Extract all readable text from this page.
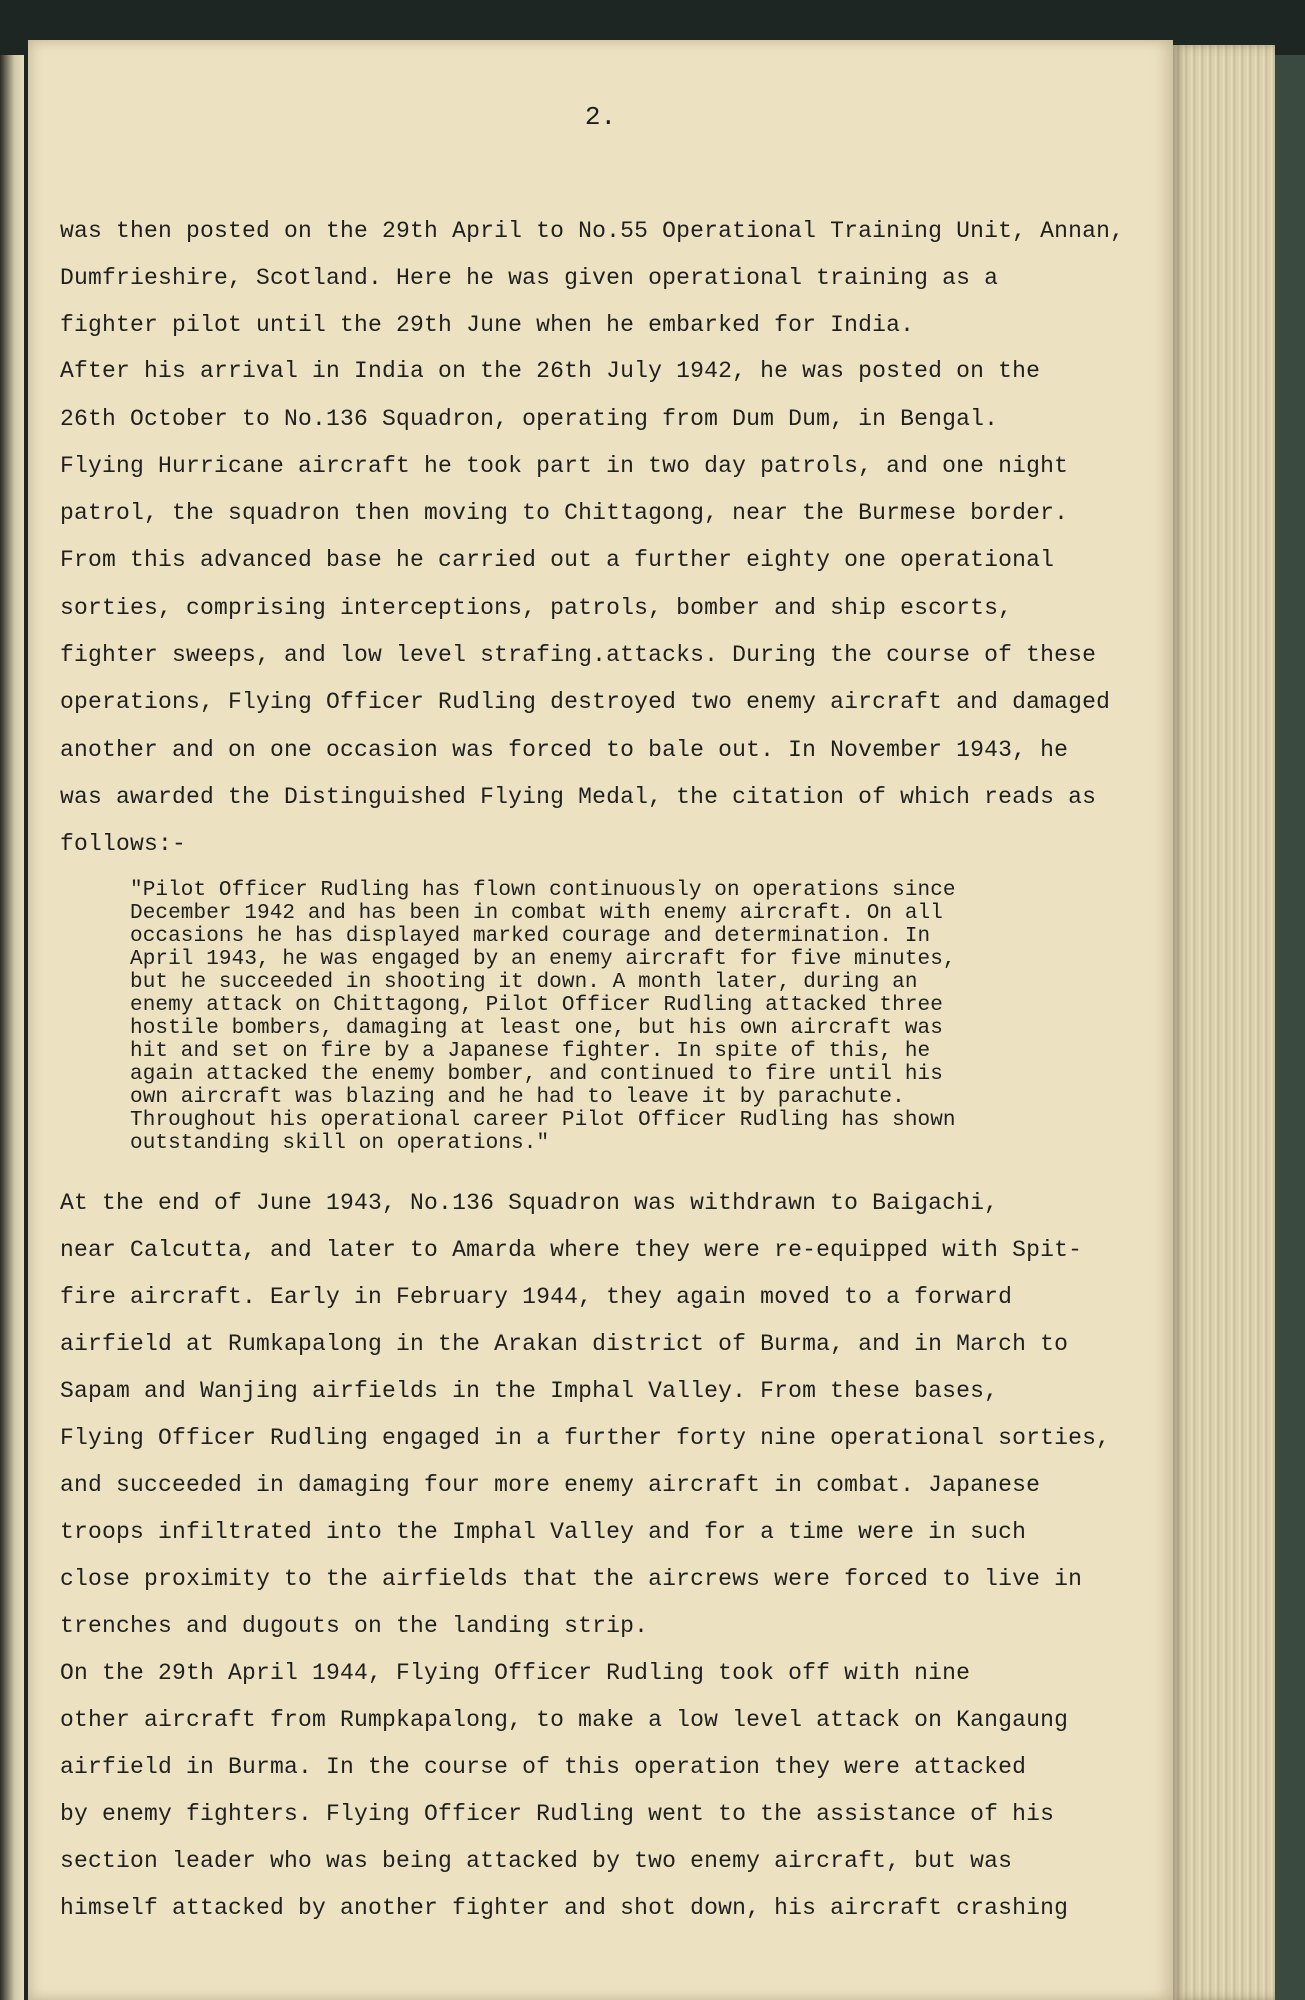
2.
was then posted on the 29th April to No.55 Operational Training Unit, Annan,
Dumfrieshire, Scotland. Here he was given operational training as a
fighter pilot until the 29th June when he embarked for India.
After his arrival in India on the 26th July 1942, he was posted on the
26th October to No.136 Squadron, operating from Dum Dum, in Bengal.
Flying Hurricane aircraft he took part in two day patrols, and one night
patrol, the squadron then moving to Chittagong, near the Burmese border.
From this advanced base he carried out a further eighty one operational
sorties, comprising interceptions, patrols, bomber and ship escorts,
fighter sweeps, and low level strafing.attacks. During the course of these
operations, Flying Officer Rudling destroyed two enemy aircraft and damaged
another and on one occasion was forced to bale out. In November 1943, he
was awarded the Distinguished Flying Medal, the citation of which reads as
follows:-
"Pilot Officer Rudling has flown continuously on operations since
December 1942 and has been in combat with enemy aircraft. On all
occasions he has displayed marked courage and determination. In
April 1943, he was engaged by an enemy aircraft for five minutes,
but he succeeded in shooting it down. A month later, during an
enemy attack on Chittagong, Pilot Officer Rudling attacked three
hostile bombers, damaging at least one, but his own aircraft was
hit and set on fire by a Japanese fighter. In spite of this, he
again attacked the enemy bomber, and continued to fire until his
own aircraft was blazing and he had to leave it by parachute.
Throughout his operational career Pilot Officer Rudling has shown
outstanding skill on operations."
At the end of June 1943, No.136 Squadron was withdrawn to Baigachi,
near Calcutta, and later to Amarda where they were re-equipped with Spit-
fire aircraft. Early in February 1944, they again moved to a forward
airfield at Rumkapalong in the Arakan district of Burma, and in March to
Sapam and Wanjing airfields in the Imphal Valley. From these bases,
Flying Officer Rudling engaged in a further forty nine operational sorties,
and succeeded in damaging four more enemy aircraft in combat. Japanese
troops infiltrated into the Imphal Valley and for a time were in such
close proximity to the airfields that the aircrews were forced to live in
trenches and dugouts on the landing strip.
On the 29th April 1944, Flying Officer Rudling took off with nine
other aircraft from Rumpkapalong, to make a low level attack on Kangaung
airfield in Burma. In the course of this operation they were attacked
by enemy fighters. Flying Officer Rudling went to the assistance of his
section leader who was being attacked by two enemy aircraft, but was
himself attacked by another fighter and shot down, his aircraft crashing
